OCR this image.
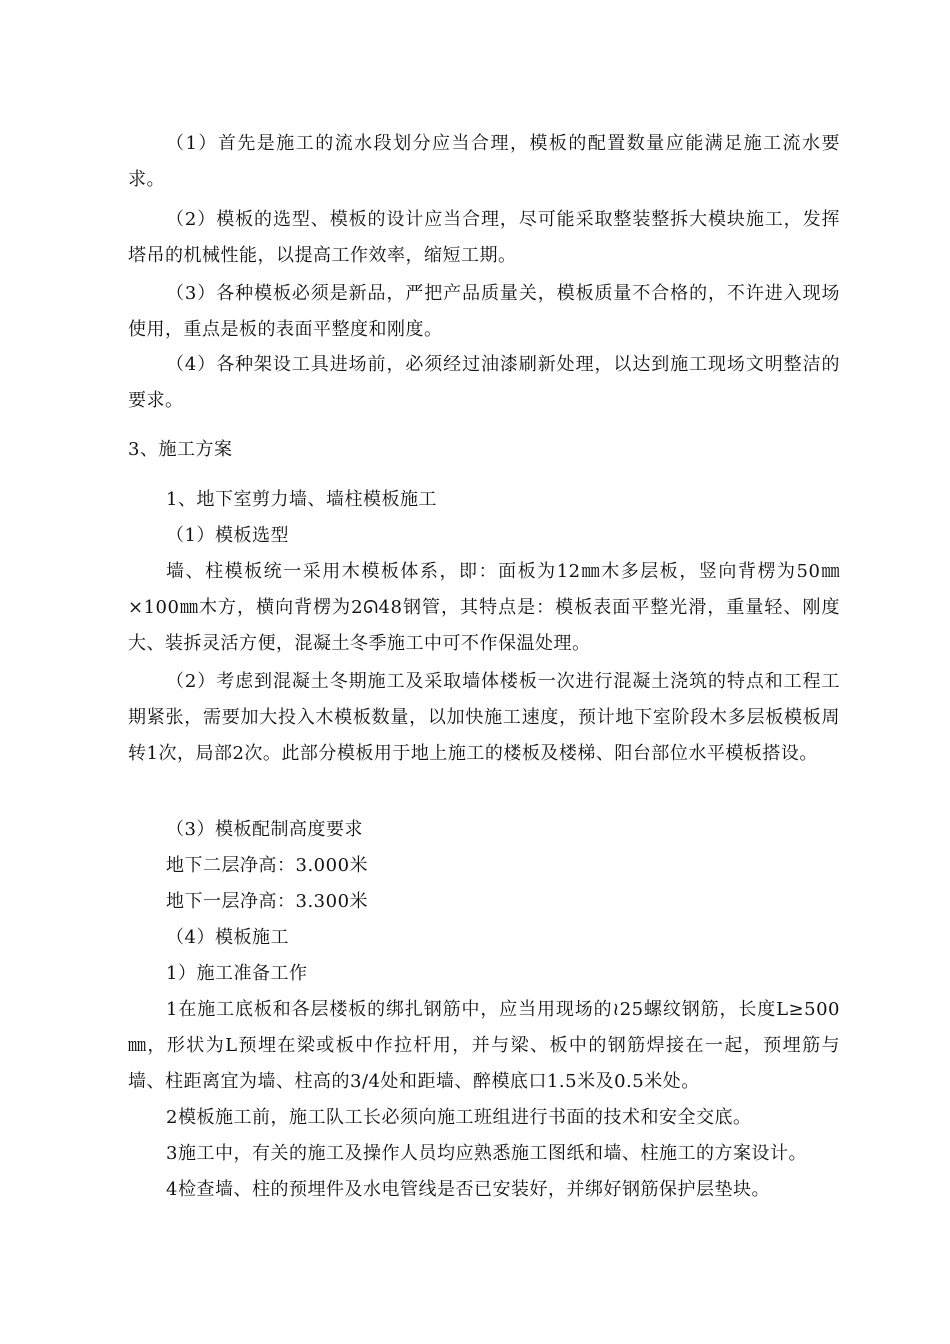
（1）首先是施工的流水段划分应当合理，模板的配置数量应能满足施工流水要求。
（2）模板的选型、模板的设计应当合理，尽可能采取整装整拆大模块施工，发挥塔吊的机械性能，以提高工作效率，缩短工期。
（3）各种模板必须是新品，严把产品质量关，模板质量不合格的，不许进入现场使用，重点是板的表面平整度和刚度。
（4）各种架设工具进场前，必须经过油漆刷新处理，以达到施工现场文明整洁的要求。
3、施工方案
1、地下室剪力墙、墙柱模板施工
（1）模板选型
墙、柱模板统一采用木模板体系，即：面板为12㎜木多层板，竖向背楞为50㎜×100㎜木方，横向背楞为2ᘏ48钢管，其特点是：模板表面平整光滑，重量轻、刚度大、装拆灵活方便，混凝土冬季施工中可不作保温处理。
（2）考虑到混凝土冬期施工及采取墙体楼板一次进行混凝土浇筑的特点和工程工期紧张，需要加大投入木模板数量，以加快施工速度，预计地下室阶段木多层板模板周转1次，局部2次。此部分模板用于地上施工的楼板及楼梯、阳台部位水平模板搭设。
（3）模板配制高度要求
地下二层净高：3.000米
地下一层净高：3.300米
（4）模板施工
1）施工准备工作
1在施工底板和各层楼板的绑扎钢筋中，应当用现场的≀25螺纹钢筋，长度L≥500㎜，形状为L预埋在梁或板中作拉杆用，并与梁、板中的钢筋焊接在一起，预埋筋与墙、柱距离宜为墙、柱高的3/4处和距墙、醉模底口1.5米及0.5米处。
2模板施工前，施工队工长必须向施工班组进行书面的技术和安全交底。
3施工中，有关的施工及操作人员均应熟悉施工图纸和墙、柱施工的方案设计。
4检查墙、柱的预埋件及水电管线是否已安装好，并绑好钢筋保护层垫块。
